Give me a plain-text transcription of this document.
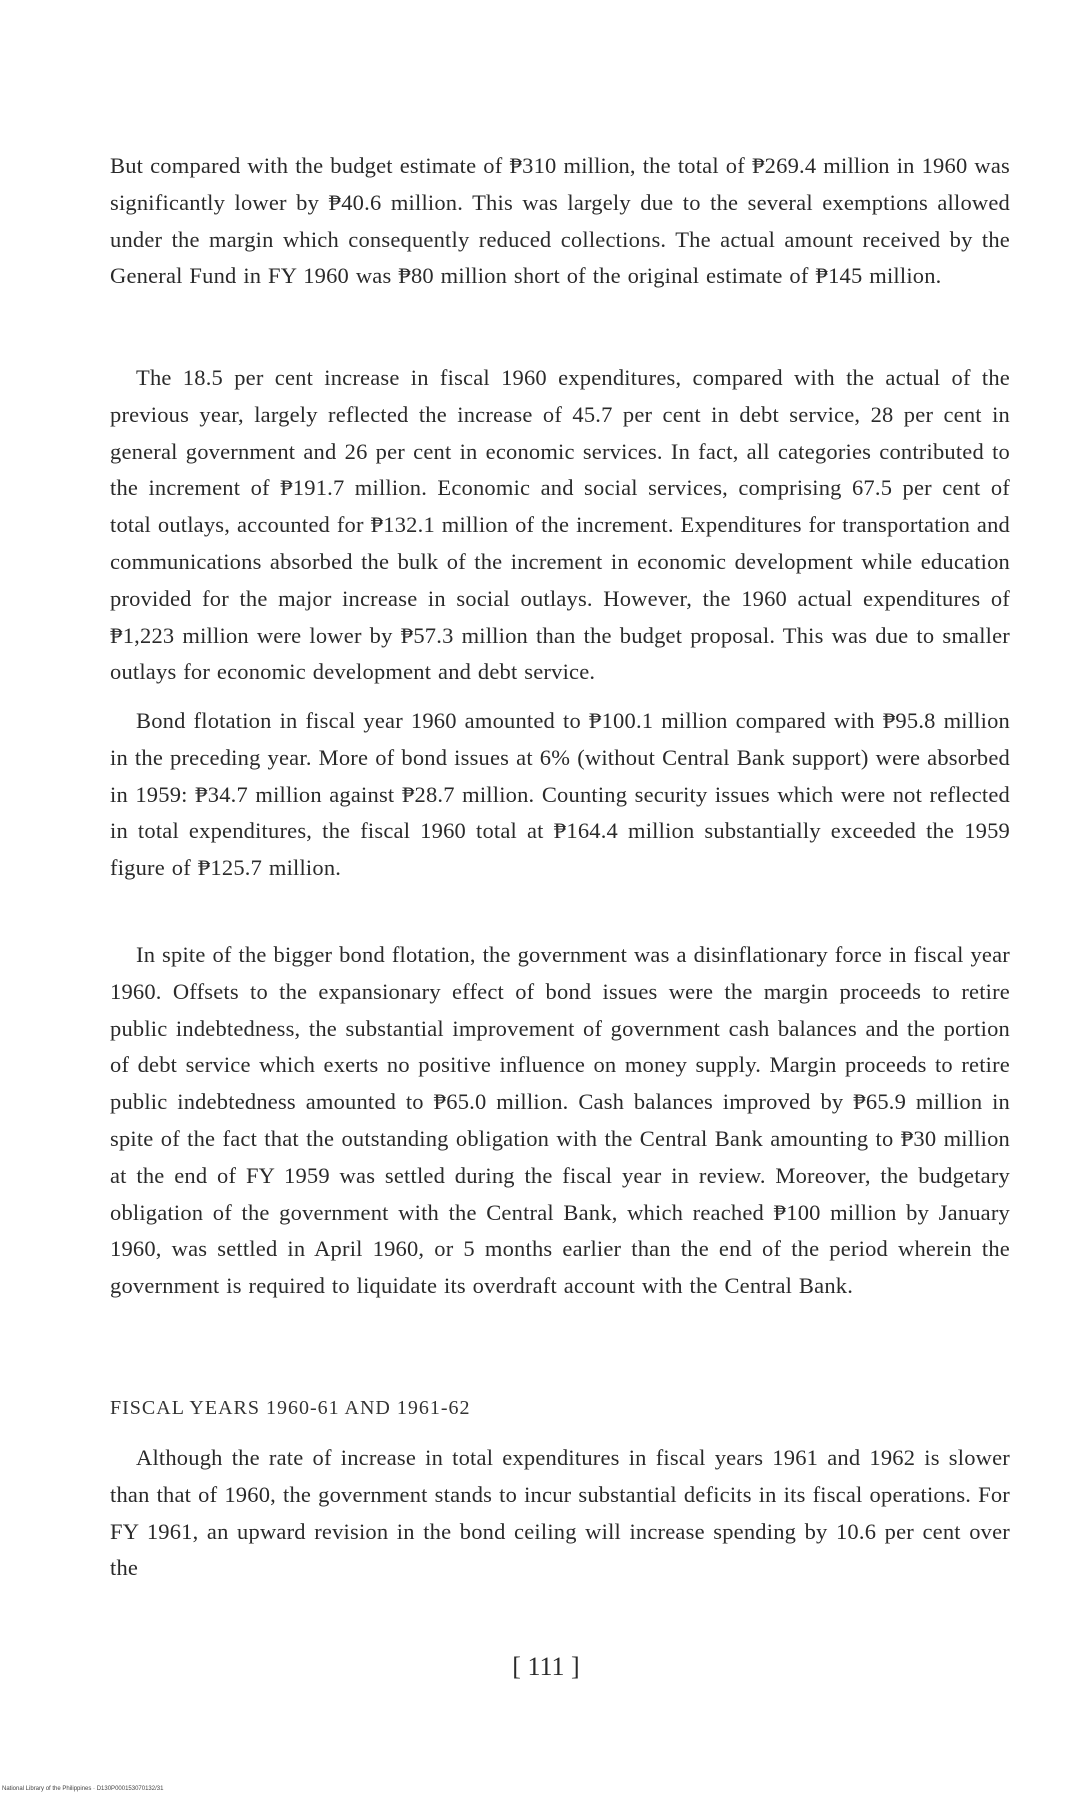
But compared with the budget estimate of ₱310 million, the total of ₱269.4 million in 1960 was significantly lower by ₱40.6 million. This was largely due to the several exemptions allowed under the margin which consequently reduced collections. The actual amount received by the General Fund in FY 1960 was ₱80 million short of the original estimate of ₱145 million.

The 18.5 per cent increase in fiscal 1960 expenditures, compared with the actual of the previous year, largely reflected the increase of 45.7 per cent in debt service, 28 per cent in general government and 26 per cent in economic services. In fact, all categories contributed to the increment of ₱191.7 million. Economic and social services, comprising 67.5 per cent of total outlays, accounted for ₱132.1 million of the increment. Expenditures for transportation and communications absorbed the bulk of the increment in economic development while education provided for the major increase in social outlays. However, the 1960 actual expenditures of ₱1,223 million were lower by ₱57.3 million than the budget proposal. This was due to smaller outlays for economic development and debt service.

Bond flotation in fiscal year 1960 amounted to ₱100.1 million compared with ₱95.8 million in the preceding year. More of bond issues at 6% (without Central Bank support) were absorbed in 1959: ₱34.7 million against ₱28.7 million. Counting security issues which were not reflected in total expenditures, the fiscal 1960 total at ₱164.4 million substantially exceeded the 1959 figure of ₱125.7 million.

In spite of the bigger bond flotation, the government was a disinflationary force in fiscal year 1960. Offsets to the expansionary effect of bond issues were the margin proceeds to retire public indebtedness, the substantial improvement of government cash balances and the portion of debt service which exerts no positive influence on money supply. Margin proceeds to retire public indebtedness amounted to ₱65.0 million. Cash balances improved by ₱65.9 million in spite of the fact that the outstanding obligation with the Central Bank amounting to ₱30 million at the end of FY 1959 was settled during the fiscal year in review. Moreover, the budgetary obligation of the government with the Central Bank, which reached ₱100 million by January 1960, was settled in April 1960, or 5 months earlier than the end of the period wherein the government is required to liquidate its overdraft account with the Central Bank.

FISCAL YEARS 1960-61 AND 1961-62

Although the rate of increase in total expenditures in fiscal years 1961 and 1962 is slower than that of 1960, the government stands to incur substantial deficits in its fiscal operations. For FY 1961, an upward revision in the bond ceiling will increase spending by 10.6 per cent over the

[ 111 ]
National Library of the Philippines · D130P000153070132/31
